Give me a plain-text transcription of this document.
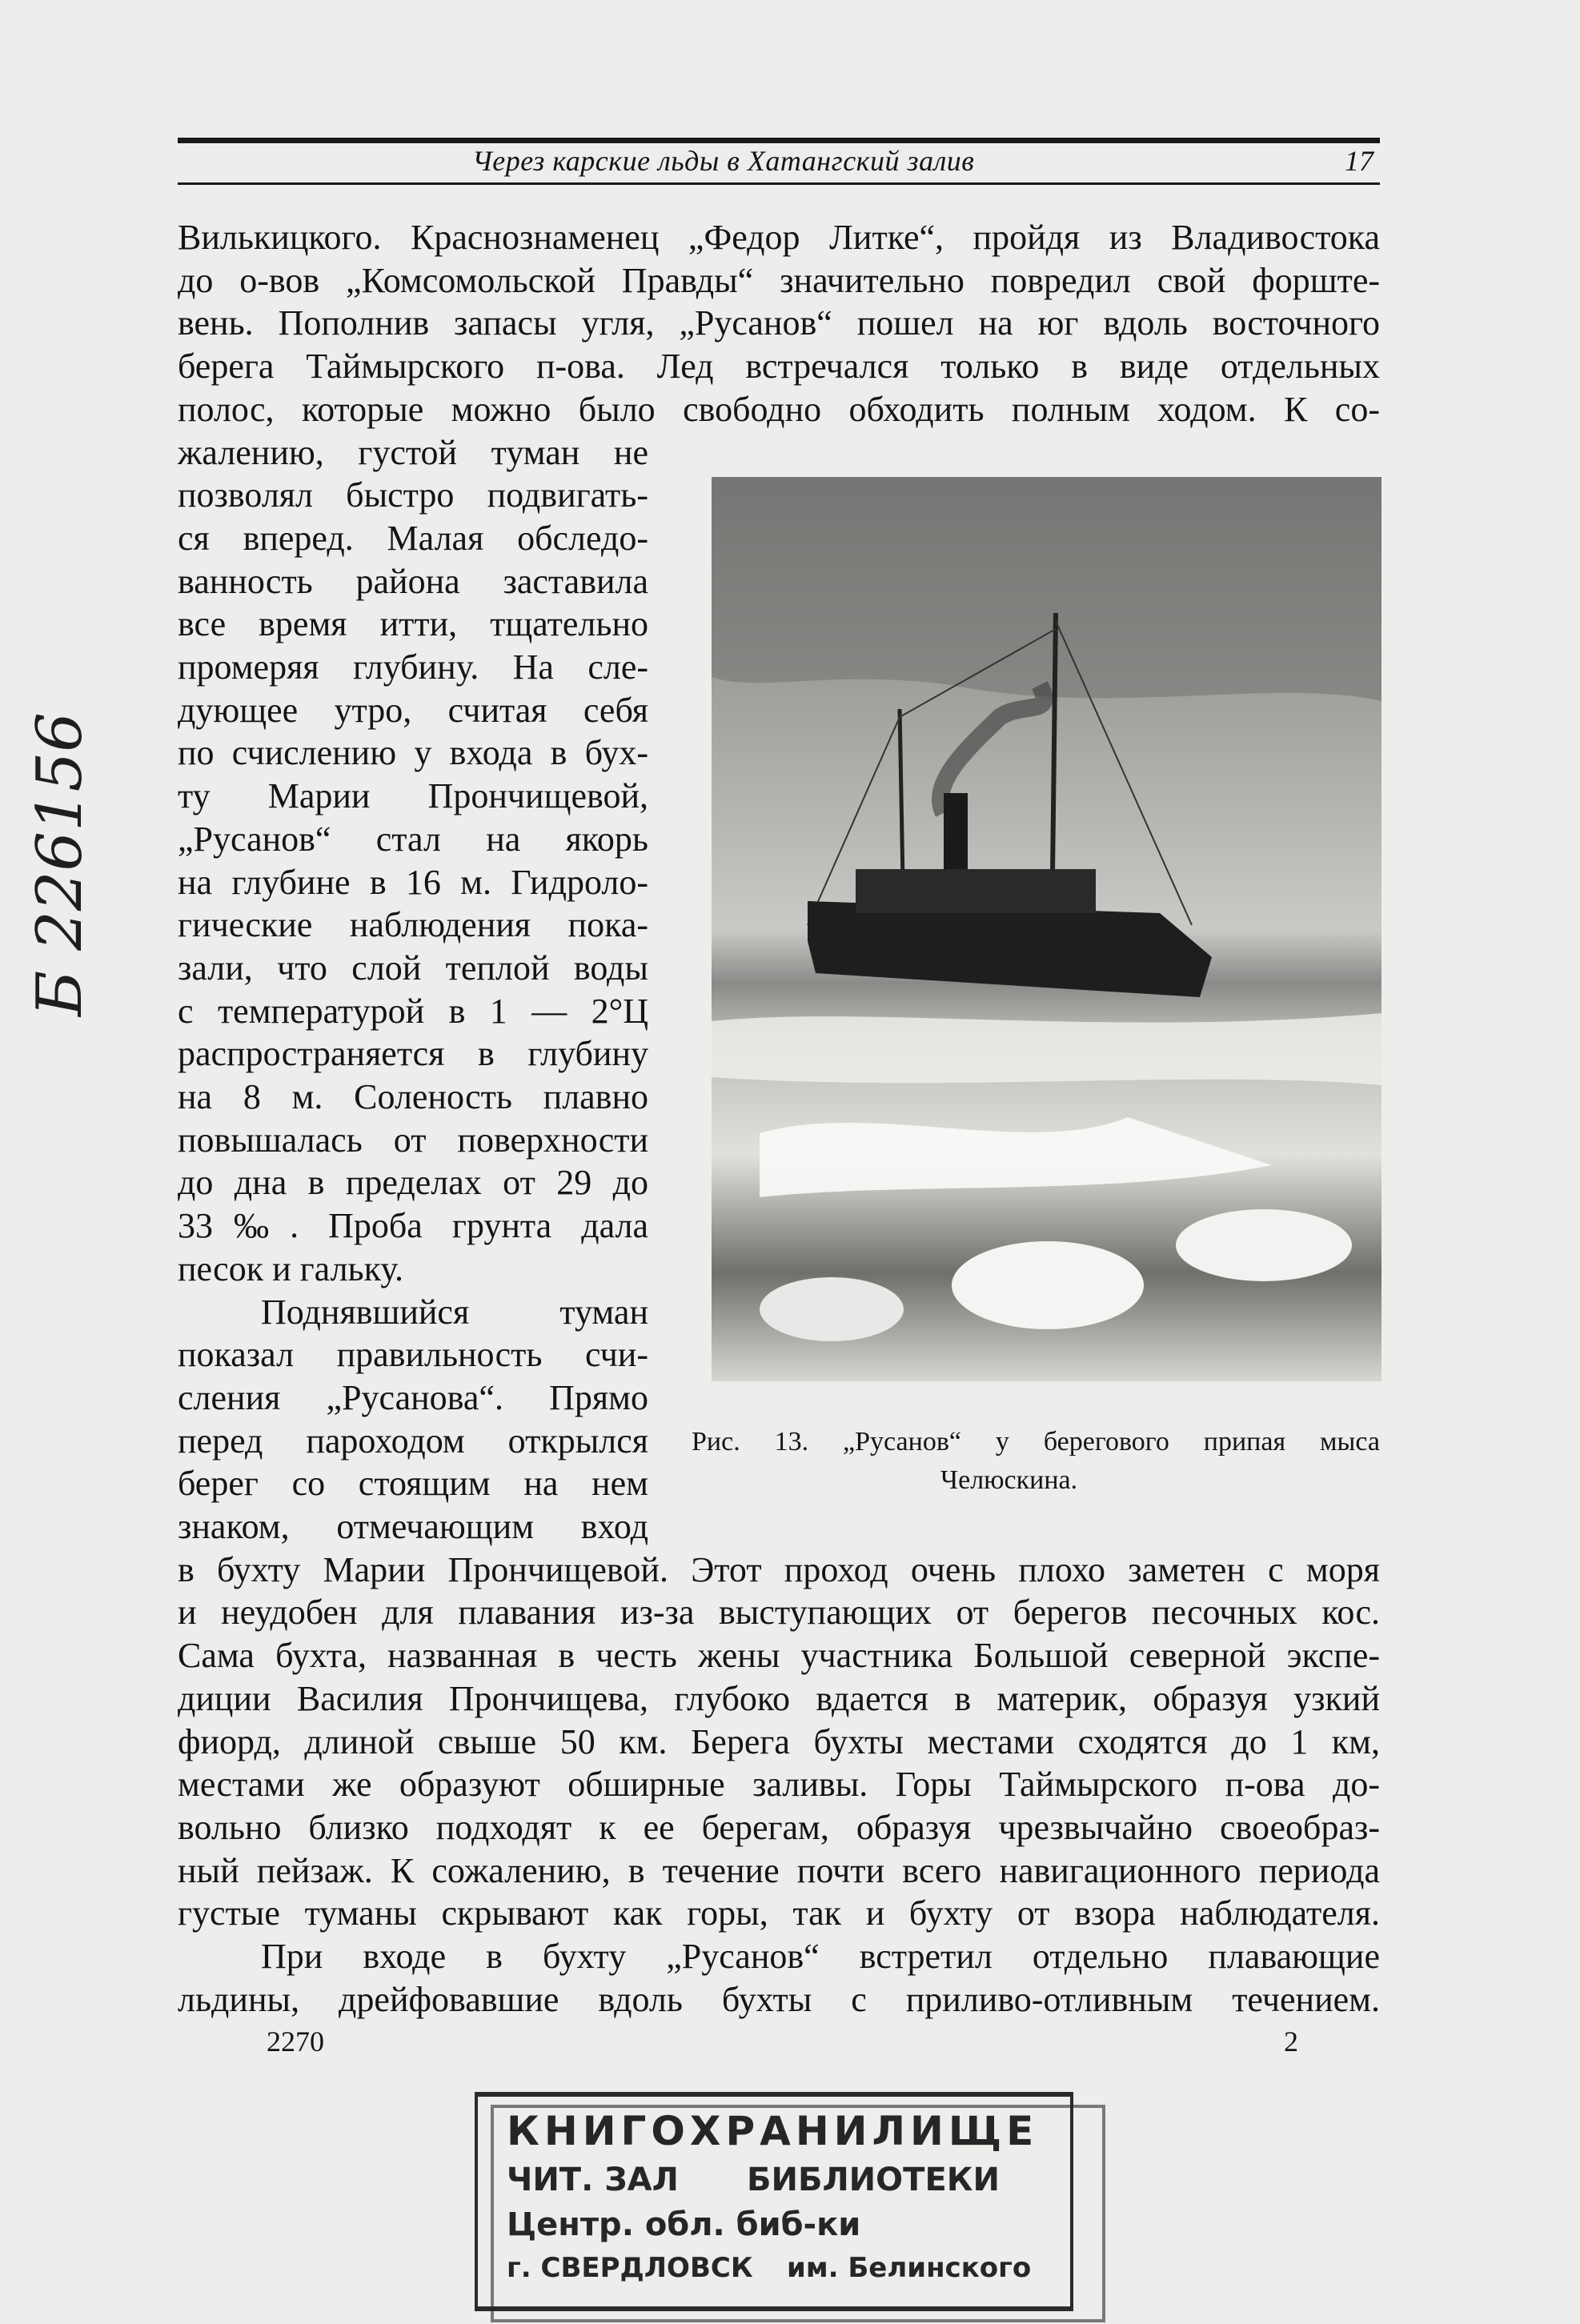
Через карские льды в Хатангский залив	17
Вилькицкого. Краснознаменец „Федор Литке“, пройдя из Владивостока
до о-вов „Комсомольской Правды“ значительно повредил свой форште-
вень. Пополнив запасы угля, „Русанов“ пошел на юг вдоль восточного
берега Таймырского п-ова. Лед встречался только в виде отдельных
полос, которые можно было свободно обходить полным ходом. К со-
жалению, густой туман не
позволял быстро подвигать-
ся вперед. Малая обследо-
ванность района заставила
все время итти, тщательно
промеряя глубину. На сле-
дующее утро, считая себя
по счислению у входа в бух-
ту Марии Прончищевой,
„Русанов“ стал на якорь
на глубине в 16 м. Гидроло-
гические наблюдения пока-
зали, что слой теплой воды
с температурой в 1 — 2°Ц
распространяется в глубину
на 8 м. Соленость плавно
повышалась от поверхности
до дна в пределах от 29 до
33‰. Проба грунта дала
песок и гальку.
Поднявшийся туман
показал правильность счи-
сления „Русанова“. Прямо
перед пароходом открылся
берег со стоящим на нем
знаком, отмечающим вход
в бухту Марии Прончищевой. Этот проход очень плохо заметен с моря
и неудобен для плавания из-за выступающих от берегов песочных кос.
Сама бухта, названная в честь жены участника Большой северной экспе-
диции Василия Прончищева, глубоко вдается в материк, образуя узкий
фиорд, длиной свыше 50 км. Берега бухты местами сходятся до 1 км,
местами же образуют обширные заливы. Горы Таймырского п-ова до-
вольно близко подходят к ее берегам, образуя чрезвычайно своеобраз-
ный пейзаж. К сожалению, в течение почти всего навигационного периода
густые туманы скрывают как горы, так и бухту от взора наблюдателя.
При входе в бухту „Русанов“ встретил отдельно плавающие
льдины, дрейфовавшие вдоль бухты с приливо-отливным течением.
Рис. 13. „Русанов“ у берегового припая мыса
Челюскина.
2270	2
Б 226156
КНИГОХРАНИЛИЩЕ
ЧИТ. ЗАЛ БИБЛИОТЕКИ
Центр. обл. биб-ки
г. СВЕРДЛОВСК им. Белинского
